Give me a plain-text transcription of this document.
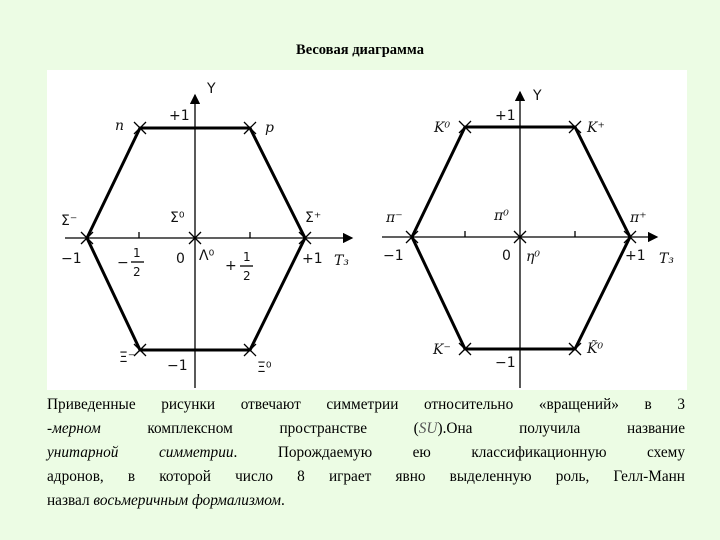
Весовая диаграмма
Y
+1
n	p
Σ⁻	Σ⁰	Σ⁺
−1	−
1
2
0 Λ⁰
+
1
2
+1 T₃
Ξ⁻ −1	Ξ⁰
Y
+1
K⁰	K⁺
π⁻	π⁰	π⁺
−1	0 η⁰	+1 T₃
K⁻
−1
K̃⁰
Приведенные рисунки отвечают симметрии относительно «вращений» в 3
-мерном	комплексном пространстве (SU).Она получила название
унитарной симметрии. Порождаемую ею классификационную схему
адронов, в которой число 8 играет явно выделенную роль, Гелл-Манн
назвал восьмеричным формализмом.
